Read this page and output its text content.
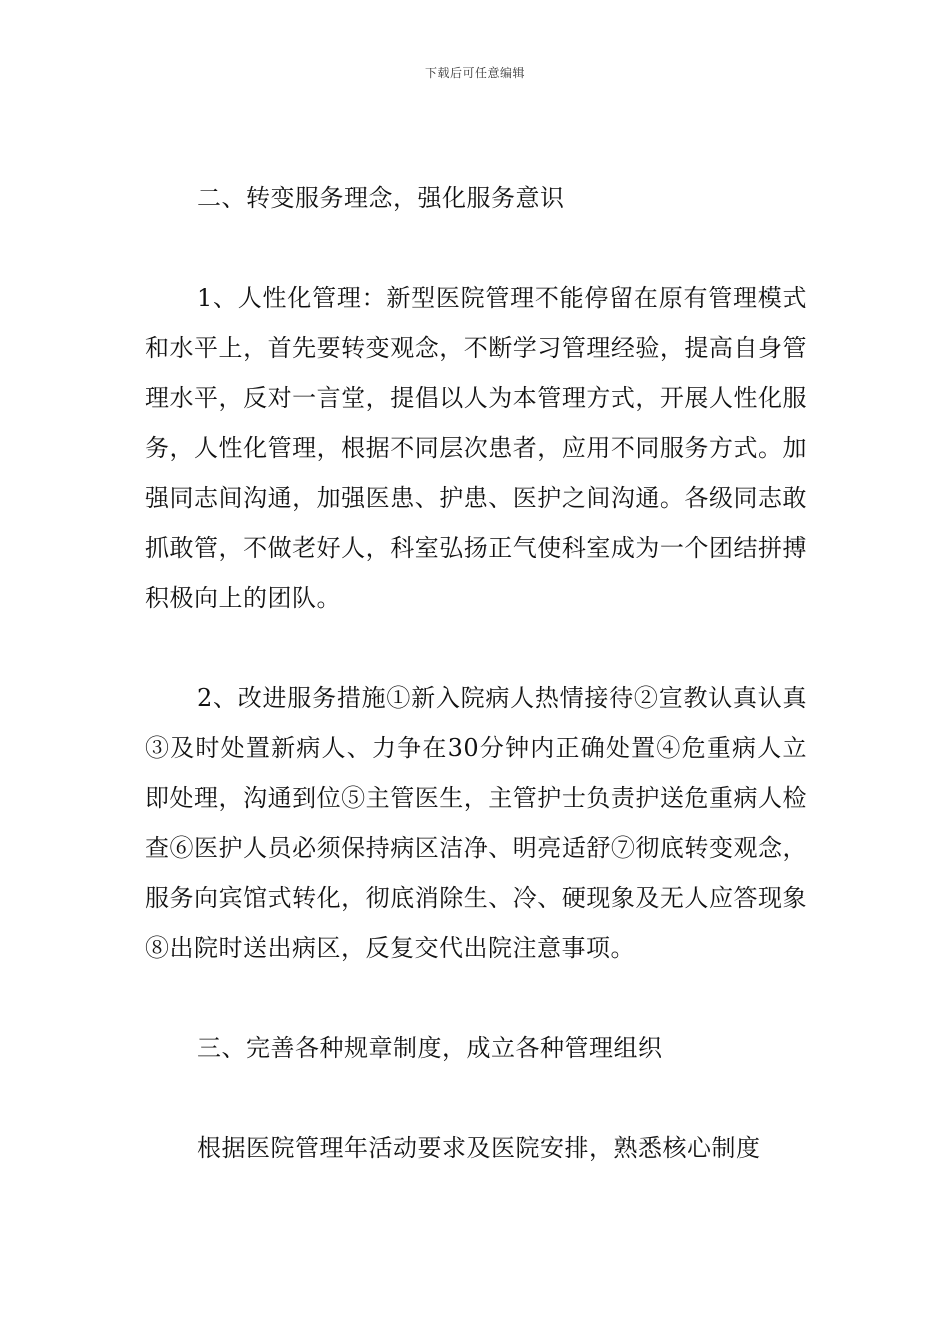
下载后可任意编辑

二、转变服务理念，强化服务意识

1、人性化管理：新型医院管理不能停留在原有管理模式和水平上，首先要转变观念，不断学习管理经验，提高自身管理水平，反对一言堂，提倡以人为本管理方式，开展人性化服务，人性化管理，根据不同层次患者，应用不同服务方式。加强同志间沟通，加强医患、护患、医护之间沟通。各级同志敢抓敢管，不做老好人，科室弘扬正气使科室成为一个团结拼搏积极向上的团队。

2、改进服务措施①新入院病人热情接待②宣教认真认真③及时处置新病人、力争在30分钟内正确处置④危重病人立即处理，沟通到位⑤主管医生，主管护士负责护送危重病人检查⑥医护人员必须保持病区洁净、明亮适舒⑦彻底转变观念，服务向宾馆式转化，彻底消除生、冷、硬现象及无人应答现象⑧出院时送出病区，反复交代出院注意事项。

三、完善各种规章制度，成立各种管理组织

根据医院管理年活动要求及医院安排，熟悉核心制度
